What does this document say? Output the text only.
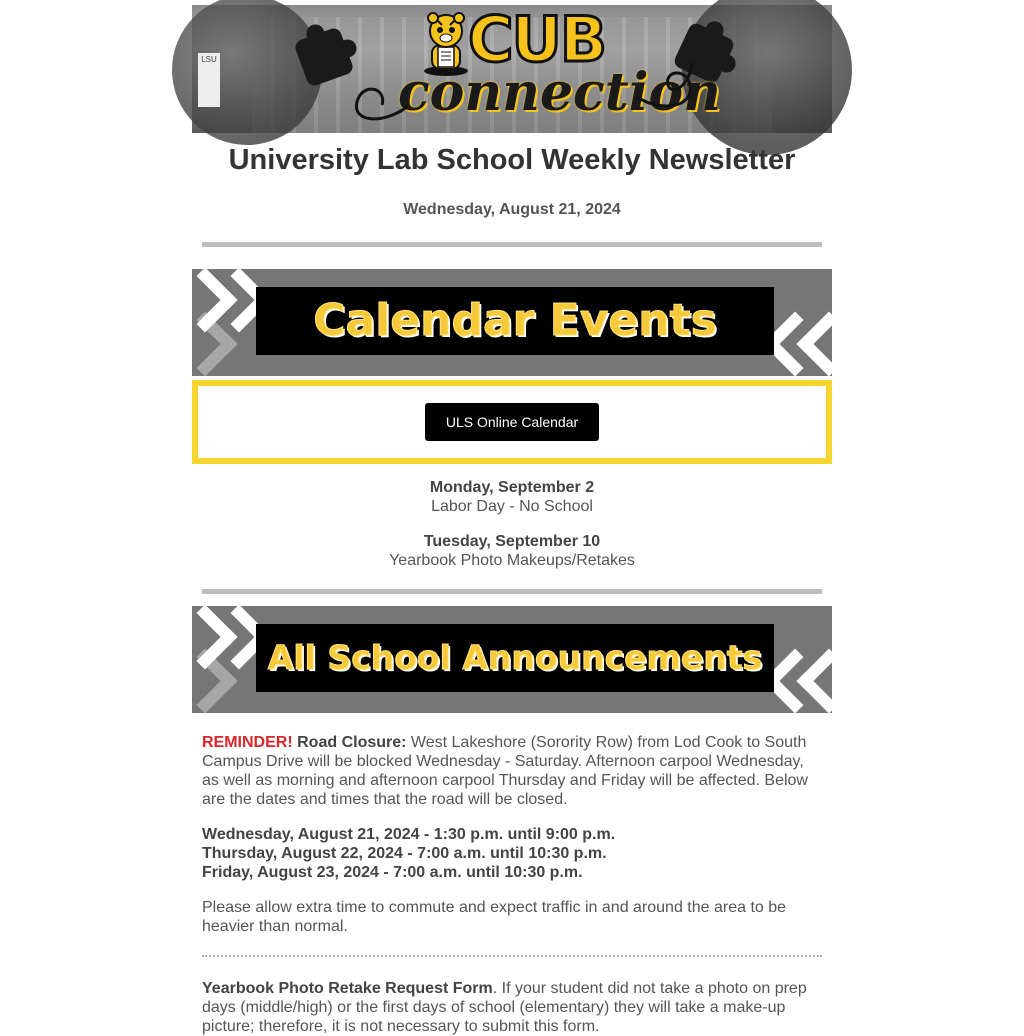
LSU	CUB
connection
University Lab School Weekly Newsletter
Wednesday, August 21, 2024
Calendar Events
ULS Online Calendar
Monday, September 2
Labor Day - No School
Tuesday, September 10
Yearbook Photo Makeups/Retakes
All School Announcements
REMINDER! Road Closure: West Lakeshore (Sorority Row) from Lod Cook to South Campus Drive will be blocked Wednesday - Saturday. Afternoon carpool Wednesday, as well as morning and afternoon carpool Thursday and Friday will be affected. Below are the dates and times that the road will be closed.
Wednesday, August 21, 2024 - 1:30 p.m. until 9:00 p.m.
Thursday, August 22, 2024 - 7:00 a.m. until 10:30 p.m.
Friday, August 23, 2024 - 7:00 a.m. until 10:30 p.m.
Please allow extra time to commute and expect traffic in and around the area to be heavier than normal.
Yearbook Photo Retake Request Form. If your student did not take a photo on prep days (middle/high) or the first days of school (elementary) they will take a make-up picture; therefore, it is not necessary to submit this form.
